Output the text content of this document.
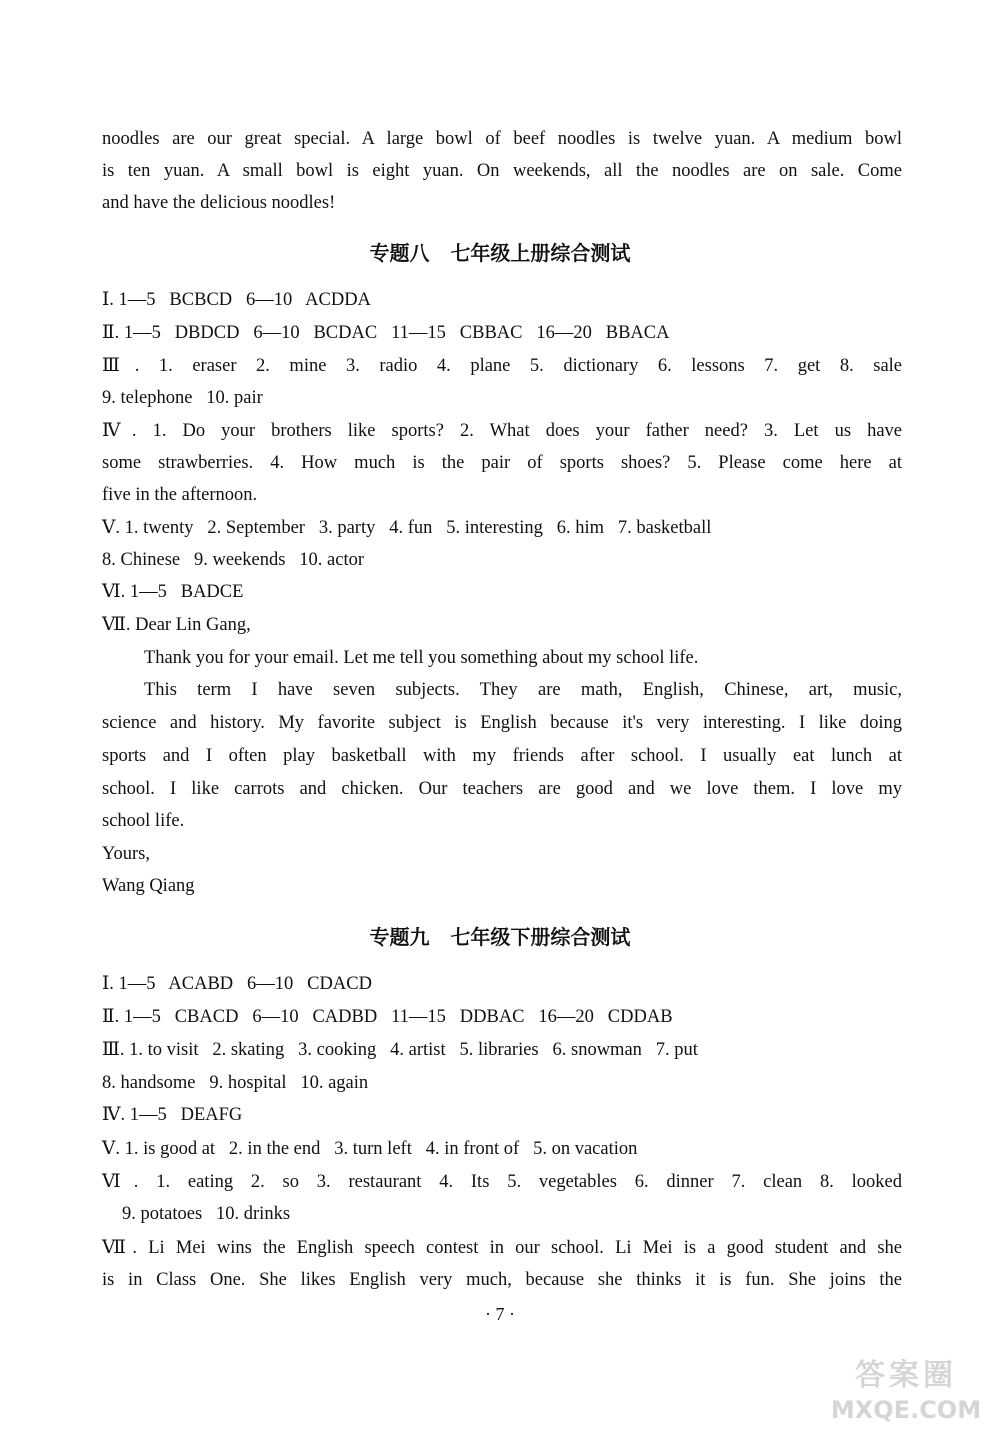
noodles are our great special. A large bowl of beef noodles is twelve yuan. A medium bowl
is ten yuan. A small bowl is eight yuan. On weekends, all the noodles are on sale. Come
and have the delicious noodles!
专题八   七年级上册综合测试
Ⅰ. 1—5   BCBCD   6—10   ACDDA
Ⅱ. 1—5   DBDCD   6—10   BCDAC   11—15   CBBAC   16—20   BBACA
Ⅲ. 1. eraser 2. mine 3. radio 4. plane 5. dictionary 6. lessons 7. get 8. sale
9. telephone   10. pair
Ⅳ. 1. Do your brothers like sports? 2. What does your father need? 3. Let us have
some strawberries. 4. How much is the pair of sports shoes? 5. Please come here at
five in the afternoon.
Ⅴ. 1. twenty   2. September   3. party   4. fun   5. interesting   6. him   7. basketball
8. Chinese   9. weekends   10. actor
Ⅵ. 1—5   BADCE
Ⅶ. Dear Lin Gang,
Thank you for your email. Let me tell you something about my school life.
This term I have seven subjects. They are math, English, Chinese, art, music,
science and history. My favorite subject is English because it's very interesting. I like doing
sports and I often play basketball with my friends after school. I usually eat lunch at
school. I like carrots and chicken. Our teachers are good and we love them. I love my
school life.
Yours,
Wang Qiang
专题九   七年级下册综合测试
Ⅰ. 1—5   ACABD   6—10   CDACD
Ⅱ. 1—5   CBACD   6—10   CADBD   11—15   DDBAC   16—20   CDDAB
Ⅲ. 1. to visit   2. skating   3. cooking   4. artist   5. libraries   6. snowman   7. put
8. handsome   9. hospital   10. again
Ⅳ. 1—5   DEAFG
Ⅴ. 1. is good at   2. in the end   3. turn left   4. in front of   5. on vacation
Ⅵ. 1. eating 2. so 3. restaurant 4. Its 5. vegetables 6. dinner 7. clean 8. looked
9. potatoes   10. drinks
Ⅶ. Li Mei wins the English speech contest in our school. Li Mei is a good student and she
is in Class One. She likes English very much, because she thinks it is fun. She joins the
· 7 ·
答案圈
MXQE.COM
